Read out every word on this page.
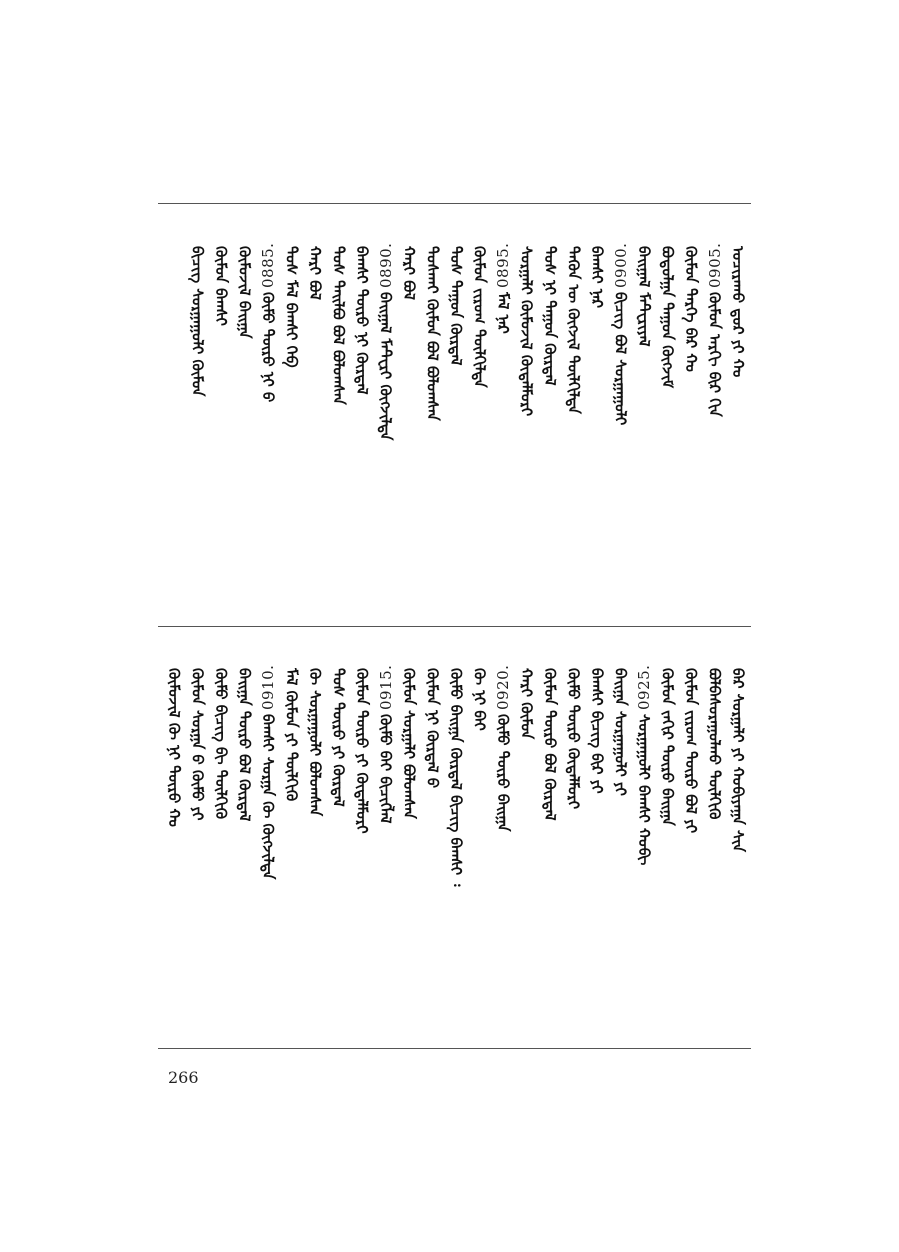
ᠤᠴᠢᠷᠠᠬᠤ ᠳ᠋ᠤᠷ ᠶᠢ ᠬᠤ
0905.
ᠬᠦᠮᠦᠨ ᠠᠷᠬᠢ ᠪᠢᠷ ᠭᠢᠨ
ᠬᠦᠮᠦᠨ ᠲᠡᠷᠭᠡ ᠪᠠᠷ ᠬᠤ
ᠪᠤᠳᠤᠯᠭᠠ ᠳᠠᠭᠤᠨ ᠬᠥᠭᠵᠢᠮ
ᠪᠠᠢᠭᠠᠯ ᠮᠠᠲ᠋ᠧᠷᠢᠶᠠᠯ
0900.
ᠪᠢᠴᠢᠭ ᠪᠣᠯ ᠰᠤᠷᠭᠠᠭᠤᠯᠢ
ᠪᠠᠭᠰᠢ ᠨᠠᠷ
ᠲᠡᠭᠦᠨ ᠦ ᠬᠥᠭᠵᠢᠯ ᠲᠦᠯᠬᠢᠯᠲᠡ
ᠲᠤᠰ ᠨᠢ ᠳᠠᠭᠤᠨ ᠬᠦᠷᠲᠡᠯ
ᠰᠤᠷᠭᠠᠯᠢ ᠬᠦᠮᠦᠵᠢᠯ ᠬᠥᠳᠡᠯᠮᠦᠷᠢ
0895.
ᠮᠠᠯ ᠨᠠᠷ
ᠬᠦᠮᠦᠨ ᠵᠢᠷᠤᠭ ᠲᠦᠯᠬᠢᠯᠲᠡ
ᠲᠤᠰ ᠳᠠᠭᠤᠨ ᠬᠦᠷᠲᠡᠯ
ᠲᠤᠰᠬᠠᠢ ᠬᠦᠮᠦᠨ ᠪᠣᠯ ᠪᠣᠯᠤᠭᠰᠠᠨ
ᠬᠠᠷᠢ ᠪᠣᠯ
0890.
ᠪᠠᠢᠭᠠᠯ ᠮᠠᠲ᠋ᠧᠷᠢ ᠬᠥᠭᠵᠢᠯᠲᠡ
ᠪᠠᠭᠰᠢ ᠲᠦᠷᠦ ᠨᠢ ᠬᠦᠷᠲᠡᠯ
ᠲᠤᠰ ᠲᠠᠢᠯᠪᠤ ᠪᠣᠯ ᠪᠣᠯᠤᠭᠰᠠᠨ
ᠬᠠᠷᠢ ᠪᠣᠯ
ᠲᠤᠰ ᠮᠠᠯ ᠪᠠᠭᠰᠢ ᠬᠡᠪ
0885.
ᠬᠦᠮᠦ ᠲᠦᠷᠦ ᠨᠢ ᠪ
ᠬᠦᠮᠦᠵᠢᠯ ᠪᠠᠢᠭᠠ
ᠬᠦᠮᠦᠨ ᠪᠠᠭᠰᠢ
ᠪᠢᠴᠢᠭ ᠰᠤᠷᠭᠠᠭᠤᠯᠢ ᠬᠦᠮᠦᠨ
ᠪᠠᠷ ᠰᠤᠷᠭᠠᠯᠢ ᠶᠢ ᠬᠤᠪᠢᠶᠠᠭᠠ ᠰᠢᠨ
ᠪᠣᠯᠪᠠᠰᠤᠷᠠᠭᠤᠯᠬᠤ ᠲᠦᠯᠬᠢᠬᠦ
ᠬᠦᠮᠦᠨ ᠵᠢᠷᠤᠭ ᠲᠦᠷᠦ ᠪᠣᠯ ᠶᠢ
ᠬᠦᠮᠦᠨ ᠵᠠᠬᠢᠷ ᠲᠦᠷᠦ ᠪᠠᠢᠭᠠ
0925.
ᠰᠤᠷᠭᠠᠭᠤᠯᠢ ᠪᠠᠭᠰᠢ ᠬᠤᠪᠢ
ᠪᠠᠢᠭᠠ ᠰᠤᠷᠭᠠᠭᠤᠯᠢ ᠶᠢ
ᠪᠠᠭᠰᠢ ᠪᠢᠴᠢᠭ ᠪᠢᠷ ᠶᠢ
ᠬᠦᠮᠦ ᠲᠦᠷᠦ ᠬᠥᠳᠡᠯᠮᠦᠷᠢ
ᠬᠦᠮᠦᠨ ᠲᠦᠷᠦ ᠪᠣᠯ ᠬᠦᠷᠲᠡᠯ
ᠬᠠᠷᠢ ᠬᠦᠮᠦᠨ
0920.
ᠬᠦᠮᠦ ᠲᠦᠷᠦ ᠪᠠᠢᠭᠠ
ᠬᠦ ᠨᠢ ᠪᠠᠢ
ᠬᠦᠮᠦ ᠪᠠᠢᠭᠠ ᠬᠦᠷᠲᠡᠯ ᠪᠢᠴᠢᠭ ᠪᠠᠭᠰᠢ ᠄
ᠬᠦᠮᠦᠨ ᠨᠢ ᠬᠦᠷᠲᠡᠯ ᠪ
ᠬᠦᠮᠦᠨ ᠰᠤᠷᠭᠠᠯᠢ ᠪᠣᠯᠤᠭᠰᠠᠨ
0915.
ᠬᠦᠮᠦ ᠪᠠᠢ ᠪᠢᠴᠢᠭᠯᠡᠯ
ᠬᠦᠮᠦᠨ ᠲᠦᠷᠦ ᠶᠢ ᠬᠥᠳᠡᠯᠮᠦᠷᠢ
ᠲᠤᠰ ᠲᠦᠷᠦ ᠶᠢ ᠬᠦᠷᠲᠡᠯ
ᠬᠦ ᠰᠤᠷᠭᠠᠭᠤᠯᠢ ᠪᠣᠯᠤᠭᠰᠠᠨ
ᠮᠠᠯ ᠬᠦᠮᠦᠨ ᠶᠢ ᠲᠦᠯᠬᠢᠬᠦ
0910.
ᠪᠠᠭᠰᠢ ᠰᠤᠷᠭᠠ ᠬᠦ ᠬᠥᠭᠵᠢᠯᠲᠡ
ᠪᠠᠢᠭᠠ ᠲᠦᠷᠦ ᠪᠣᠯ ᠬᠦᠷᠲᠡᠯ
ᠬᠦᠮᠦ ᠪᠢᠴᠢᠭ ᠪᠢ ᠲᠦᠯᠬᠢᠬᠦ
ᠬᠦᠮᠦᠨ ᠰᠤᠷᠭᠠ ᠪ ᠬᠦᠮᠦ ᠶᠢ
ᠬᠦᠮᠦᠵᠢᠯ ᠬᠦ ᠨᠢ ᠲᠦᠷᠦ ᠬᠤ
266
